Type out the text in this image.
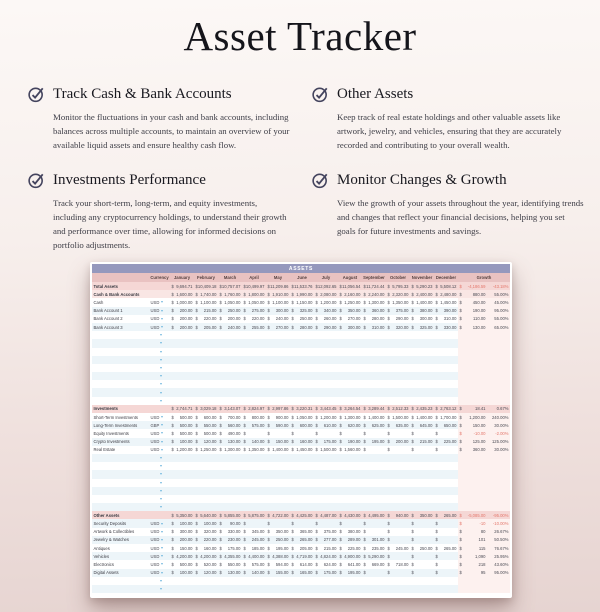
Asset Tracker
Track Cash & Bank Accounts

Monitor the fluctuations in your cash and bank accounts, including balances across multiple accounts, to maintain an overview of your available liquid assets and ensure healthy cash flow.

Other Assets

Keep track of real estate holdings and other valuable assets like artwork, jewelry, and vehicles, ensuring that they are accurately recorded and contributing to your overall wealth.

Investments Performance

Track your short-term, long-term, and equity investments, including any cryptocurrency holdings, to understand their growth and performance over time, allowing for informed decisions on portfolio adjustments.

Monitor Changes & Growth

View the growth of your assets throughout the year, identifying trends and changes that reflect your financial decisions, helping you set goals for future investments and savings.

ASSETS
Currency	January	February	March	April	May	June	July	August	September	October	November December	Growth
Total Assets	$ 9,694.71 $ 10,409.18 $ 10,757.07 $ 10,499.97 $ 11,209.86 $ 11,533.76 $ 12,092.65 $ 11,056.54 $ 11,724.44 $ 5,795.33 $ 5,290.23 $ 5,508.12 $ -4,186.59 -43.18%
Cash & Bank Accounts	$ 1,600.00 $ 1,740.00 $ 1,760.00 $ 1,800.00 $ 1,910.00 $ 1,990.00 $ 2,080.00 $ 2,160.00 $ 2,240.00 $ 2,320.00 $ 2,400.00 $ 2,480.00 $	880.00 55.00%
Cash	USD	$ 1,000.00 $ 1,100.00 $ 1,050.00 $ 1,050.00 $ 1,100.00 $ 1,150.00 $ 1,200.00 $ 1,250.00 $ 1,300.00 $ 1,350.00 $ 1,400.00 $ 1,450.00 $	450.00 45.00%
Bank Account 1	USD	$ 200.00 $ 215.00 $ 250.00 $ 275.00 $ 300.00 $ 325.00 $ 340.00 $ 350.00 $ 360.00 $ 375.00 $ 380.00 $ 390.00 $	190.00 95.00%
Bank Account 2	USD	$ 200.00 $ 220.00 $ 200.00 $ 220.00 $ 240.00 $ 250.00 $ 260.00 $ 270.00 $ 280.00 $ 290.00 $ 300.00 $ 310.00 $	110.00 55.00%
Bank Account 3	USD	$ 200.00 $ 205.00 $ 240.00 $ 255.00 $ 270.00 $ 280.00 $ 290.00 $ 300.00 $ 310.00 $ 320.00 $ 325.00 $ 330.00 $	130.00 65.00%
Investments	$ 2,744.71 $ 3,029.18 $ 3,143.07 $ 2,824.97 $ 2,997.86 $ 3,220.31 $ 3,443.45 $ 3,264.54 $ 3,289.44 $ 2,512.33 $ 2,435.23 $ 2,763.12 $	18.41	0.67%
Short-Term Investments	USD	$ 500.00 $ 600.00 $ 700.00 $ 800.00 $ 900.00 $ 1,050.00 $ 1,200.00 $ 1,300.00 $ 1,400.00 $ 1,500.00 $ 1,400.00 $ 1,700.00 $ 1,200.00 240.00%
Long-Term Investments	GBP	$ 500.00 $ 550.00 $ 560.00 $ 575.00 $ 590.00 $ 600.00 $ 610.00 $ 620.00 $ 625.00 $ 635.00 $ 645.00 $ 650.00 $	150.00 30.00%
Equity Investments	USD	$ 500.00 $ 500.00 $ 490.00 $	$	$	$	$	$	$	$	$	$	-10.00 -2.00%
Crypto Investments	USD	$ 100.00 $ 120.00 $ 130.00 $ 140.00 $ 150.00 $ 160.00 $ 175.00 $ 190.00 $ 195.00 $ 200.00 $ 215.00 $ 225.00 $	125.00 125.00%
Real Estate	USD	$ 1,200.00 $ 1,250.00 $ 1,300.00 $ 1,350.00 $ 1,400.00 $ 1,450.00 $ 1,500.00 $ 1,560.00 $	$	$	$	$	360.00 30.00%
Other Assets	$ 5,350.00 $ 5,640.00 $ 5,855.00 $ 5,875.00 $ 4,722.00 $ 4,425.00 $ 4,487.00 $ 4,430.00 $ 4,495.00 $ 940.00 $ 350.00 $ 265.00 $ -5,085.00 -95.00%
Security Deposits	USD	$ 100.00 $ 100.00 $ 90.00 $	$	$	$	$	$	$	$	$	$	-10 -10.00%
Artwork & Collectibles	USD	$ 300.00 $ 320.00 $ 330.00 $ 345.00 $ 350.00 $ 365.00 $ 375.00 $ 380.00 $	$	$	$	$	80 26.67%
Jewelry & Watches	USD	$ 200.00 $ 220.00 $ 230.00 $ 245.00 $ 250.00 $ 265.00 $ 277.00 $ 289.00 $ 301.00 $	$	$	$	101 50.50%
Antiques	USD	$ 150.00 $ 160.00 $ 175.00 $ 185.00 $ 195.00 $ 205.00 $ 215.00 $ 225.00 $ 235.00 $ 245.00 $ 250.00 $ 265.00 $	115 76.67%
Vehicles	USD	$ 4,200.00 $ 4,200.00 $ 4,355.00 $ 4,400.00 $ 4,388.00 $ 4,719.00 $ 4,824.00 $ 4,900.00 $ 5,290.00 $	$	$	$	1,090 25.95%
Electronics	USD	$ 500.00 $ 520.00 $ 550.00 $ 575.00 $ 594.00 $ 614.00 $ 624.00 $ 641.00 $ 669.00 $ 718.00 $	$	$	218 43.60%
Digital Assets	USD	$ 100.00 $ 120.00 $ 130.00 $ 140.00 $ 155.00 $ 165.00 $ 175.00 $ 195.00 $	$	$	$	$	95 95.00%
